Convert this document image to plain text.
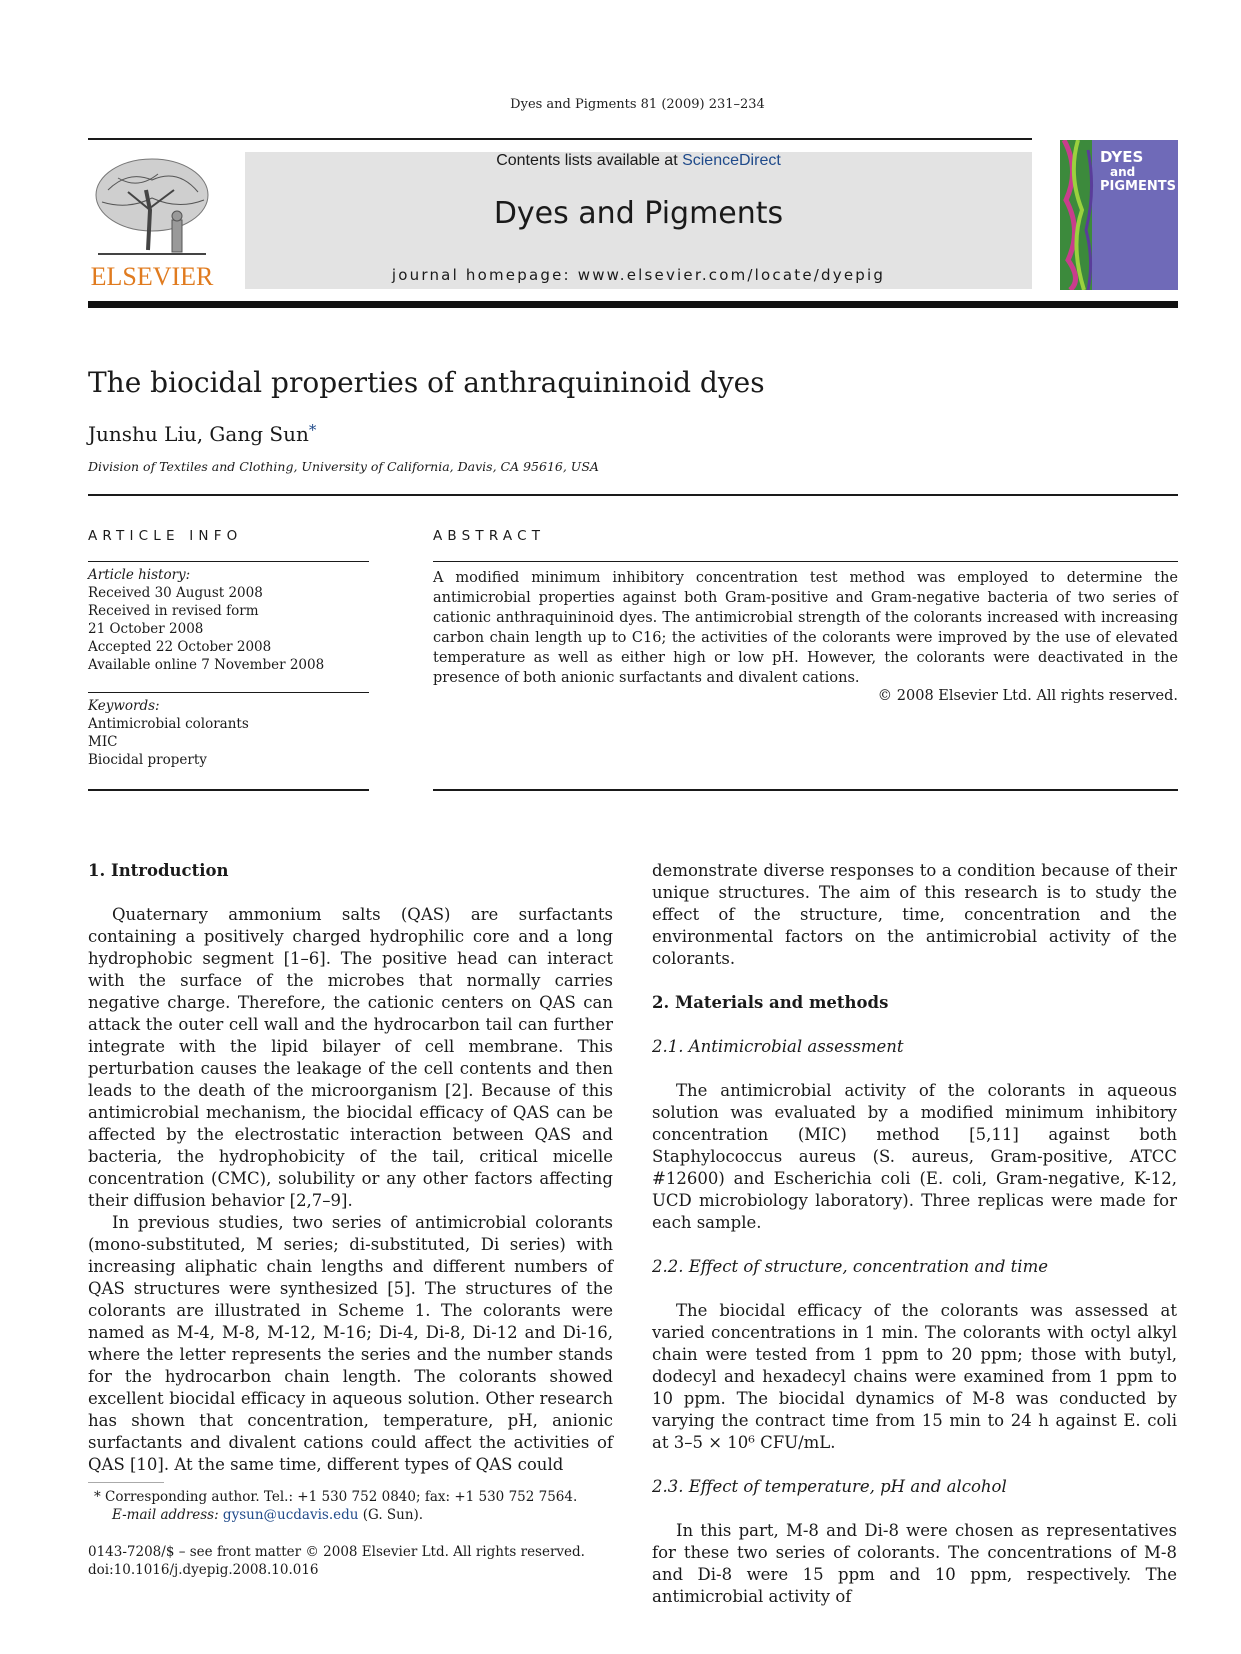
Dyes and Pigments 81 (2009) 231–234
ELSEVIER
Contents lists available at ScienceDirect
Dyes and Pigments
journal homepage: www.elsevier.com/locate/dyepig
DYES
and
PIGMENTS
The biocidal properties of anthraquininoid dyes
Junshu Liu, Gang Sun*
Division of Textiles and Clothing, University of California, Davis, CA 95616, USA
ARTICLE INFO	ABSTRACT
Article history:
Received 30 August 2008
Received in revised form
21 October 2008
Accepted 22 October 2008
Available online 7 November 2008
Keywords:
Antimicrobial colorants
MIC
Biocidal property
A modified minimum inhibitory concentration test method was employed to determine the antimicrobial properties against both Gram-positive and Gram-negative bacteria of two series of cationic anthraquininoid dyes. The antimicrobial strength of the colorants increased with increasing carbon chain length up to C16; the activities of the colorants were improved by the use of elevated temperature as well as either high or low pH. However, the colorants were deactivated in the presence of both anionic surfactants and divalent cations.
© 2008 Elsevier Ltd. All rights reserved.
1. Introduction

Quaternary ammonium salts (QAS) are surfactants containing a positively charged hydrophilic core and a long hydrophobic segment [1–6]. The positive head can interact with the surface of the microbes that normally carries negative charge. Therefore, the cationic centers on QAS can attack the outer cell wall and the hydrocarbon tail can further integrate with the lipid bilayer of cell membrane. This perturbation causes the leakage of the cell contents and then leads to the death of the microorganism [2]. Because of this antimicrobial mechanism, the biocidal efficacy of QAS can be affected by the electrostatic interaction between QAS and bacteria, the hydrophobicity of the tail, critical micelle concentration (CMC), solubility or any other factors affecting their diffusion behavior [2,7–9].

In previous studies, two series of antimicrobial colorants (mono-substituted, M series; di-substituted, Di series) with increasing aliphatic chain lengths and different numbers of QAS structures were synthesized [5]. The structures of the colorants are illustrated in Scheme 1. The colorants were named as M-4, M-8, M-12, M-16; Di-4, Di-8, Di-12 and Di-16, where the letter represents the series and the number stands for the hydrocarbon chain length. The colorants showed excellent biocidal efficacy in aqueous solution. Other research has shown that concentration, temperature, pH, anionic surfactants and divalent cations could affect the activities of QAS [10]. At the same time, different types of QAS could

demonstrate diverse responses to a condition because of their unique structures. The aim of this research is to study the effect of the structure, time, concentration and the environmental factors on the antimicrobial activity of the colorants.

2. Materials and methods
2.1. Antimicrobial assessment

The antimicrobial activity of the colorants in aqueous solution was evaluated by a modified minimum inhibitory concentration (MIC) method [5,11] against both Staphylococcus aureus (S. aureus, Gram-positive, ATCC #12600) and Escherichia coli (E. coli, Gram-negative, K-12, UCD microbiology laboratory). Three replicas were made for each sample.

2.2. Effect of structure, concentration and time

The biocidal efficacy of the colorants was assessed at varied concentrations in 1 min. The colorants with octyl alkyl chain were tested from 1 ppm to 20 ppm; those with butyl, dodecyl and hexadecyl chains were examined from 1 ppm to 10 ppm. The biocidal dynamics of M-8 was conducted by varying the contract time from 15 min to 24 h against E. coli at 3–5 × 10⁶ CFU/mL.

2.3. Effect of temperature, pH and alcohol

In this part, M-8 and Di-8 were chosen as representatives for these two series of colorants. The concentrations of M-8 and Di-8 were 15 ppm and 10 ppm, respectively. The antimicrobial activity of

* Corresponding author. Tel.: +1 530 752 0840; fax: +1 530 752 7564.
E-mail address: gysun@ucdavis.edu (G. Sun).
0143-7208/$ – see front matter © 2008 Elsevier Ltd. All rights reserved.
doi:10.1016/j.dyepig.2008.10.016
